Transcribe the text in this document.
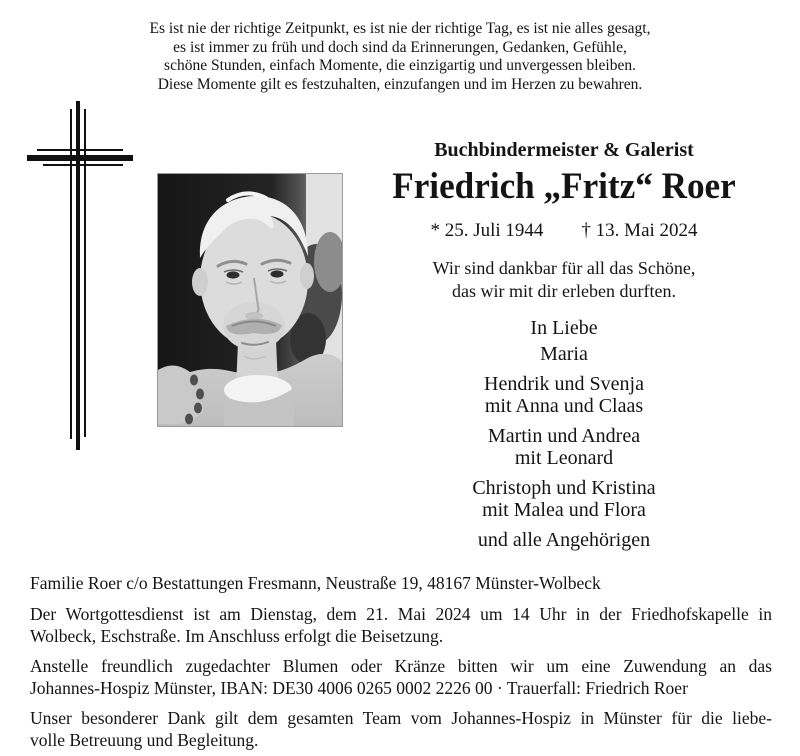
Es ist nie der richtige Zeitpunkt, es ist nie der richtige Tag, es ist nie alles gesagt,
es ist immer zu früh und doch sind da Erinnerungen, Gedanken, Gefühle,
schöne Stunden, einfach Momente, die einzigartig und unvergessen bleiben.
Diese Momente gilt es festzuhalten, einzufangen und im Herzen zu bewahren.
Buchbindermeister & Galerist
Friedrich „Fritz“ Roer
* 25. Juli 1944 † 13. Mai 2024
Wir sind dankbar für all das Schöne,
das wir mit dir erleben durften.
In Liebe
Maria
Hendrik und Svenja
mit Anna und Claas
Martin und Andrea
mit Leonard
Christoph und Kristina
mit Malea und Flora
und alle Angehörigen
Familie Roer c/o Bestattungen Fresmann, Neustraße 19, 48167 Münster-Wolbeck
Der Wortgottesdienst ist am Dienstag, dem 21. Mai 2024 um 14 Uhr in der Friedhofskapelle in
Wolbeck, Eschstraße. Im Anschluss erfolgt die Beisetzung.
Anstelle freundlich zugedachter Blumen oder Kränze bitten wir um eine Zuwendung an das
Johannes-Hospiz Münster, IBAN: DE30 4006 0265 0002 2226 00 · Trauerfall: Friedrich Roer
Unser besonderer Dank gilt dem gesamten Team vom Johannes-Hospiz in Münster für die liebe-
volle Betreuung und Begleitung.
